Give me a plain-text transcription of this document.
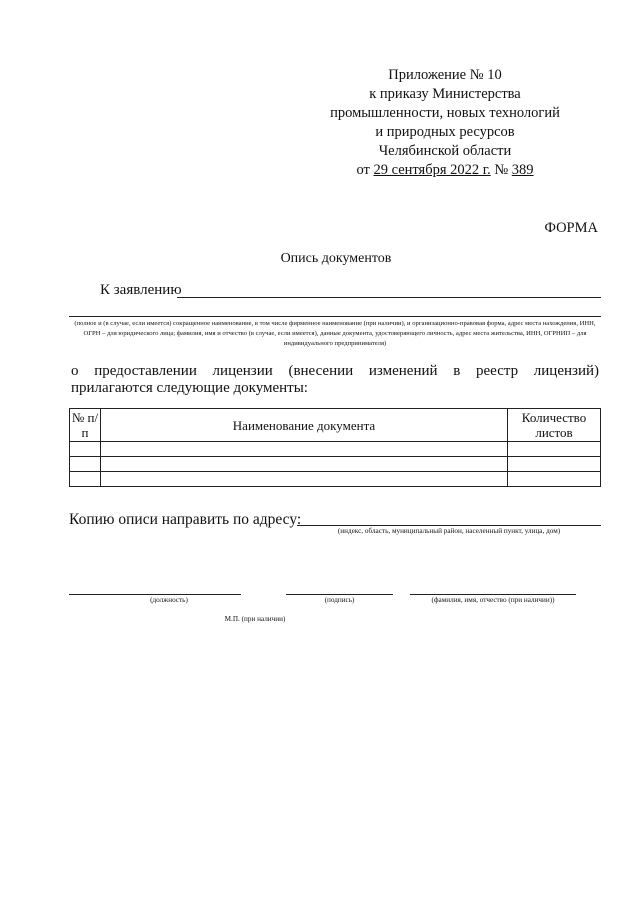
Приложение № 10
к приказу Министерства
промышленности, новых технологий
и природных ресурсов
Челябинской области
от 29 сентября 2022 г. № 389
ФОРМА
Опись документов
К заявлению
(полное и (в случае, если имеется) сокращенное наименование, в том числе фирменное наименование (при наличии), и организационно-правовая форма, адрес места нахождения, ИНН, ОГРН – для юридического лица; фамилия, имя и отчество (в случае, если имеется), данные документа, удостоверяющего личность, адрес места жительства, ИНН, ОГРНИП – для индивидуального предпринимателя)
о предоставлении лицензии (внесении изменений в реестр лицензий)
прилагаются следующие документы:
№ п/п	Наименование документа	Количество листов

Копию описи направить по адресу:
(индекс, область, муниципальный район, населенный пункт, улица, дом)
(должность)	(подпись)	(фамилия, имя, отчество (при наличии))
М.П. (при наличии)
